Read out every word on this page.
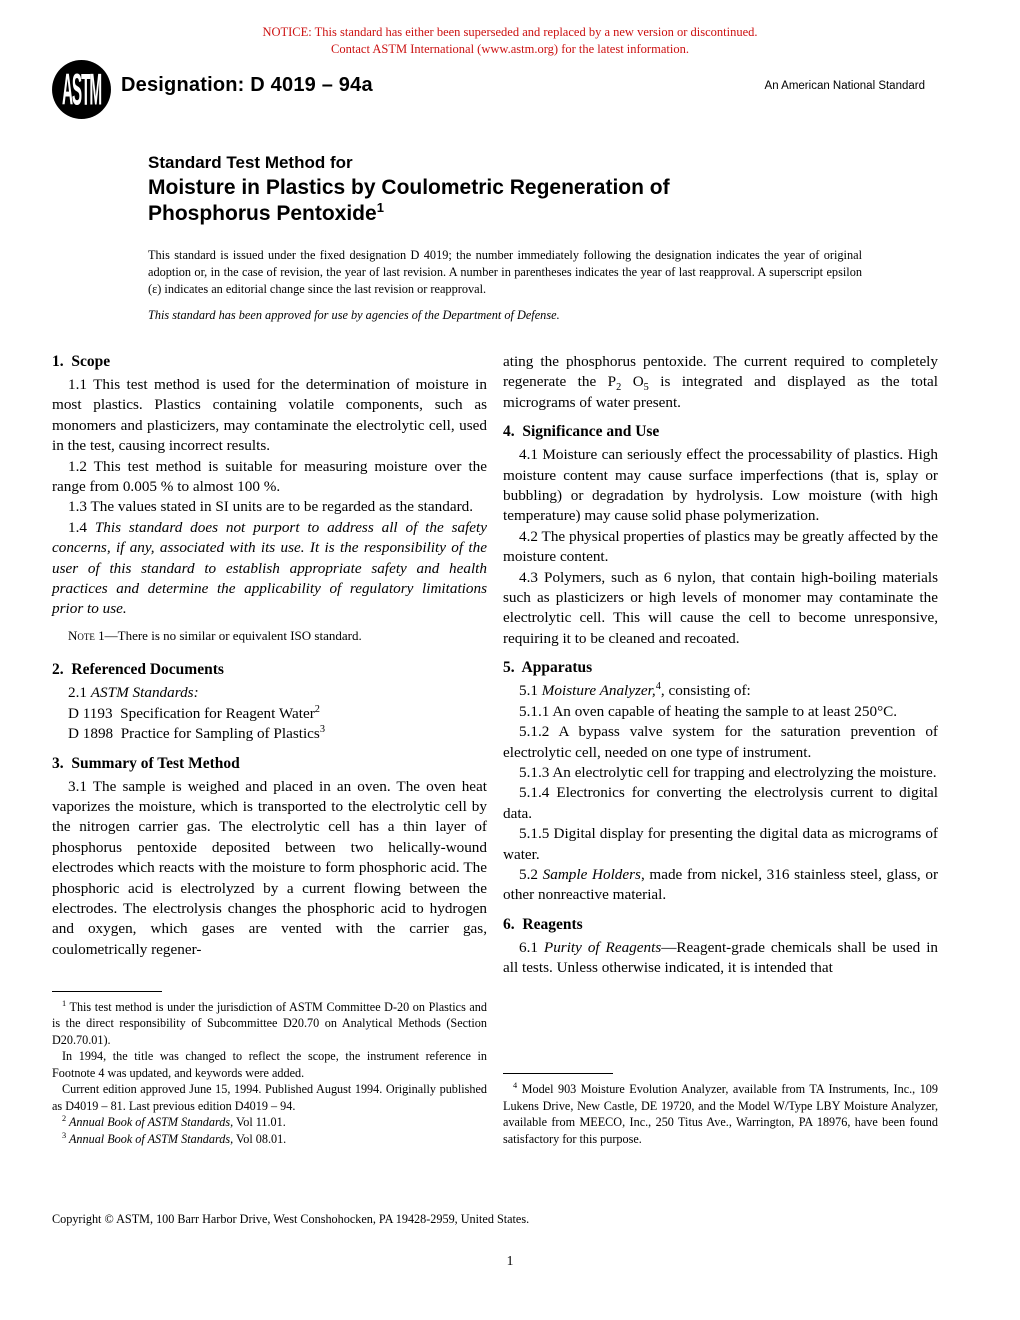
NOTICE: This standard has either been superseded and replaced by a new version or discontinued.
Contact ASTM International (www.astm.org) for the latest information.
ASTM Designation: D 4019 – 94a	An American National Standard
Standard Test Method for
Moisture in Plastics by Coulometric Regeneration of
Phosphorus Pentoxide$^1$
This standard is issued under the fixed designation D 4019; the number immediately following the designation indicates the year of original adoption or, in the case of revision, the year of last revision. A number in parentheses indicates the year of last reapproval. A superscript epsilon (ε) indicates an editorial change since the last revision or reapproval.
This standard has been approved for use by agencies of the Department of Defense.
1.  Scope

1.1 This test method is used for the determination of moisture in most plastics. Plastics containing volatile components, such as monomers and plasticizers, may contaminate the electrolytic cell, used in the test, causing incorrect results.

1.2 This test method is suitable for measuring moisture over the range from 0.005 % to almost 100 %.

1.3 The values stated in SI units are to be regarded as the standard.

1.4 This standard does not purport to address all of the safety concerns, if any, associated with its use. It is the responsibility of the user of this standard to establish appropriate safety and health practices and determine the applicability of regulatory limitations prior to use.

Note 1—There is no similar or equivalent ISO standard.

2.  Referenced Documents

2.1 ASTM Standards:

D 1193  Specification for Reagent Water$^2$

D 1898  Practice for Sampling of Plastics$^3$

3.  Summary of Test Method

3.1 The sample is weighed and placed in an oven. The oven heat vaporizes the moisture, which is transported to the electrolytic cell by the nitrogen carrier gas. The electrolytic cell has a thin layer of phosphorus pentoxide deposited between two helically-wound electrodes which reacts with the moisture to form phosphoric acid. The phosphoric acid is electrolyzed by a current flowing between the electrodes. The electrolysis changes the phosphoric acid to hydrogen and oxygen, which gases are vented with the carrier gas, coulometrically regener-

$^1$ This test method is under the jurisdiction of ASTM Committee D-20 on Plastics and is the direct responsibility of Subcommittee D20.70 on Analytical Methods (Section D20.70.01).

In 1994, the title was changed to reflect the scope, the instrument reference in Footnote 4 was updated, and keywords were added.

Current edition approved June 15, 1994. Published August 1994. Originally published as D4019 – 81. Last previous edition D4019 – 94.

$^2$ Annual Book of ASTM Standards, Vol 11.01.

$^3$ Annual Book of ASTM Standards, Vol 08.01.

ating the phosphorus pentoxide. The current required to completely regenerate the $P_2$ $O_5$ is integrated and displayed as the total micrograms of water present.

4.  Significance and Use

4.1 Moisture can seriously effect the processability of plastics. High moisture content may cause surface imperfections (that is, splay or bubbling) or degradation by hydrolysis. Low moisture (with high temperature) may cause solid phase polymerization.

4.2 The physical properties of plastics may be greatly affected by the moisture content.

4.3 Polymers, such as 6 nylon, that contain high-boiling materials such as plasticizers or high levels of monomer may contaminate the electrolytic cell. This will cause the cell to become unresponsive, requiring it to be cleaned and recoated.

5.  Apparatus

5.1 Moisture Analyzer,$^4$, consisting of:

5.1.1 An oven capable of heating the sample to at least 250°C.

5.1.2 A bypass valve system for the saturation prevention of electrolytic cell, needed on one type of instrument.

5.1.3 An electrolytic cell for trapping and electrolyzing the moisture.

5.1.4 Electronics for converting the electrolysis current to digital data.

5.1.5 Digital display for presenting the digital data as micrograms of water.

5.2 Sample Holders, made from nickel, 316 stainless steel, glass, or other nonreactive material.

6.  Reagents

6.1 Purity of Reagents—Reagent-grade chemicals shall be used in all tests. Unless otherwise indicated, it is intended that

$^4$ Model 903 Moisture Evolution Analyzer, available from TA Instruments, Inc., 109 Lukens Drive, New Castle, DE 19720, and the Model W/Type LBY Moisture Analyzer, available from MEECO, Inc., 250 Titus Ave., Warrington, PA 18976, have been found satisfactory for this purpose.

Copyright © ASTM, 100 Barr Harbor Drive, West Conshohocken, PA 19428-2959, United States.
1
